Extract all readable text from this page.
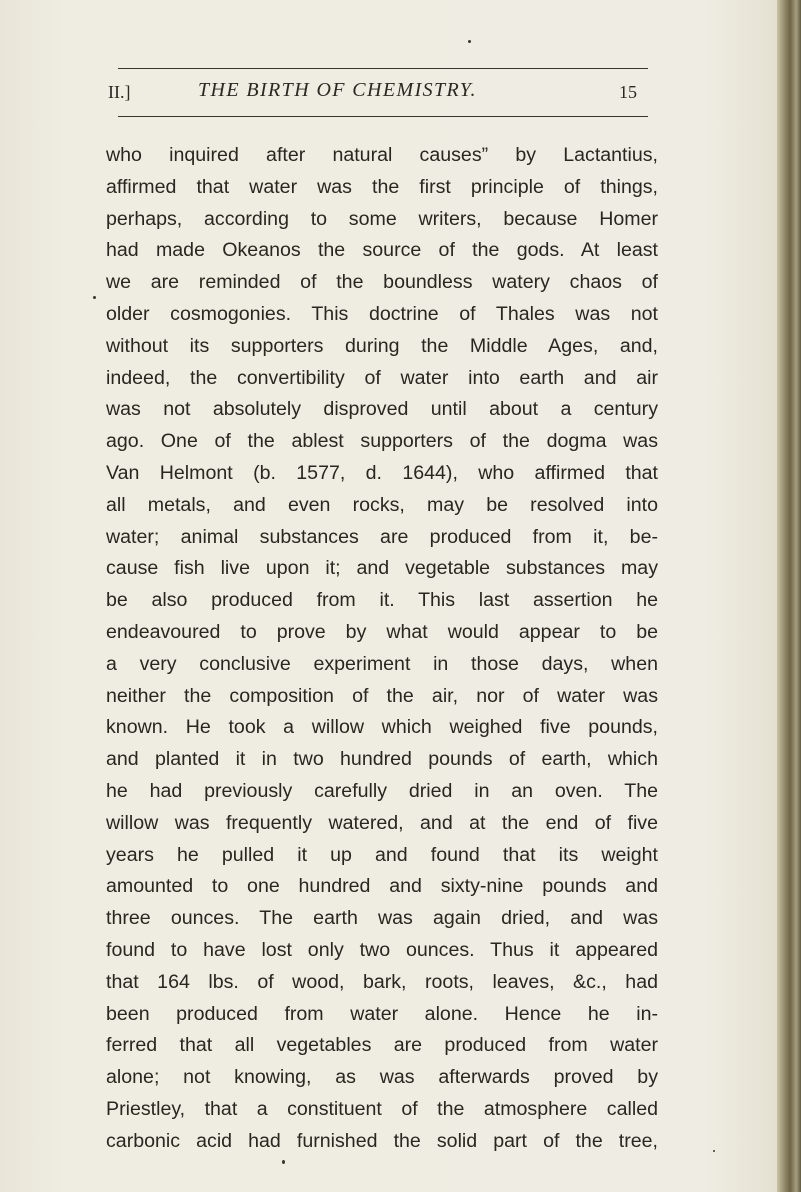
II.]	THE BIRTH OF CHEMISTRY.	15
who inquired after natural causes” by Lactantius,
affirmed that water was the first principle of things,
perhaps, according to some writers, because Homer
had made Okeanos the source of the gods. At least
we are reminded of the boundless watery chaos of
older cosmogonies. This doctrine of Thales was not
without its supporters during the Middle Ages, and,
indeed, the convertibility of water into earth and air
was not absolutely disproved until about a century
ago. One of the ablest supporters of the dogma was
Van Helmont (b. 1577, d. 1644), who affirmed that
all metals, and even rocks, may be resolved into
water; animal substances are produced from it, be-
cause fish live upon it; and vegetable substances may
be also produced from it. This last assertion he
endeavoured to prove by what would appear to be
a very conclusive experiment in those days, when
neither the composition of the air, nor of water was
known. He took a willow which weighed five pounds,
and planted it in two hundred pounds of earth, which
he had previously carefully dried in an oven. The
willow was frequently watered, and at the end of five
years he pulled it up and found that its weight
amounted to one hundred and sixty-nine pounds and
three ounces. The earth was again dried, and was
found to have lost only two ounces. Thus it appeared
that 164 lbs. of wood, bark, roots, leaves, &c., had
been produced from water alone. Hence he in-
ferred that all vegetables are produced from water
alone; not knowing, as was afterwards proved by
Priestley, that a constituent of the atmosphere called
carbonic acid had furnished the solid part of the tree,
